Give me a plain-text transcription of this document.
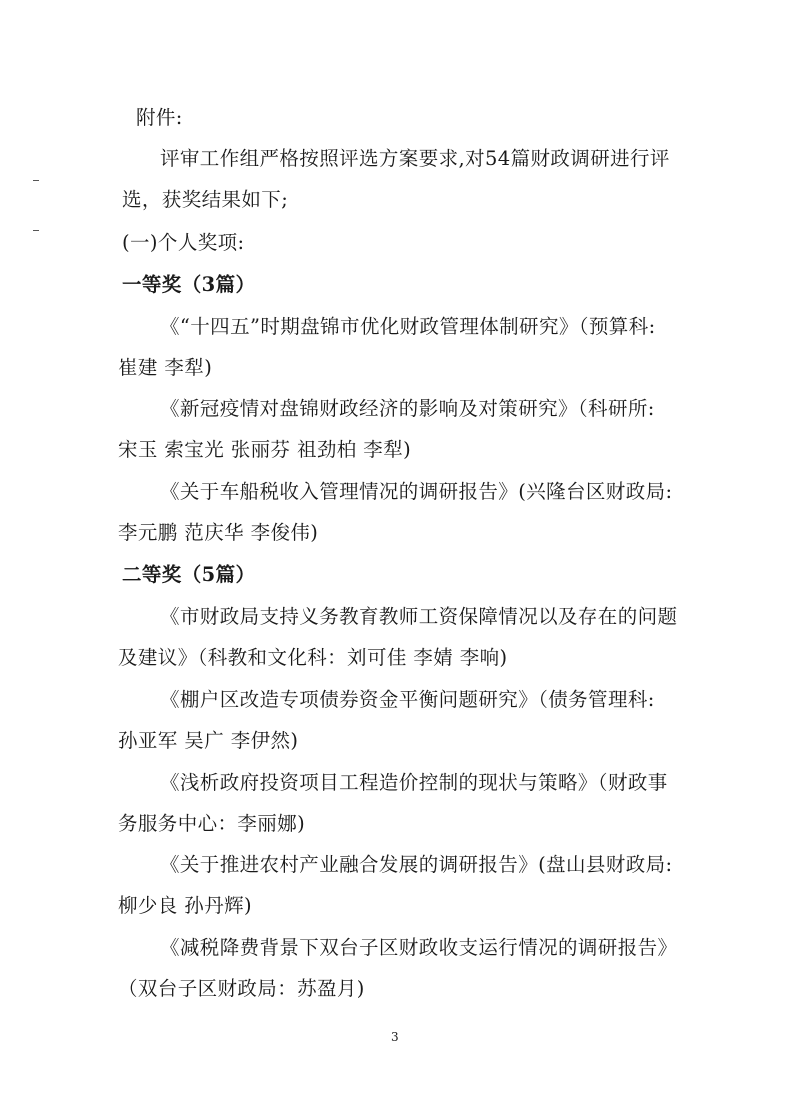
附件:
评审工作组严格按照评选方案要求,对54篇财政调研进行评
选，获奖结果如下;
(一)个人奖项:
一等奖（3篇）
《“十四五”时期盘锦市优化财政管理体制研究》（预算科:
崔建 李犁)
《新冠疫情对盘锦财政经济的影响及对策研究》（科研所:
宋玉 索宝光 张丽芬 祖劲柏 李犁)
《关于车船税收入管理情况的调研报告》(兴隆台区财政局:
李元鹏 范庆华 李俊伟)
二等奖（5篇）
《市财政局支持义务教育教师工资保障情况以及存在的问题
及建议》（科教和文化科：刘可佳 李婧 李响)
《棚户区改造专项债券资金平衡问题研究》（债务管理科:
孙亚军 吴广 李伊然)
《浅析政府投资项目工程造价控制的现状与策略》（财政事
务服务中心：李丽娜)
《关于推进农村产业融合发展的调研报告》(盘山县财政局:
柳少良 孙丹辉)
《减税降费背景下双台子区财政收支运行情况的调研报告》
（双台子区财政局：苏盈月)
3
